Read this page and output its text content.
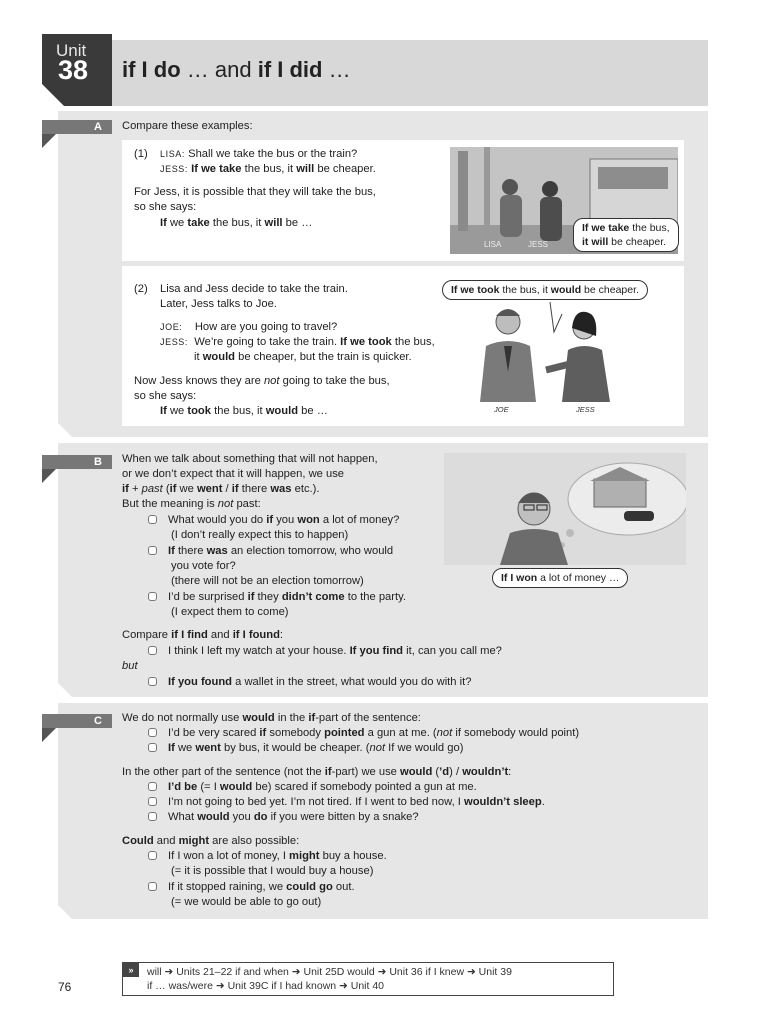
if I do … and if I did …
Unit
38
A
B
C
Compare these examples:
(1) LISA: Shall we take the bus or the train?
JESS: If we take the bus, it will be cheaper.
For Jess, it is possible that they will take the bus,
so she says:
If we take the bus, it will be …
LISA	JESS
If we take the bus,
it will be cheaper.
(2) Lisa and Jess decide to take the train.
Later, Jess talks to Joe.
JOE: How are you going to travel?
JESS: We’re going to take the train. If we took the bus,
it would be cheaper, but the train is quicker.
Now Jess knows they are not going to take the bus,
so she says:
If we took the bus, it would be …
If we took the bus, it would be cheaper.
JOE	JESS
When we talk about something that will not happen,
or we don’t expect that it will happen, we use
if + past (if we went / if there was etc.).
But the meaning is not past:
What would you do if you won a lot of money?
(I don’t really expect this to happen)
If there was an election tomorrow, who would
you vote for?
(there will not be an election tomorrow)
I’d be surprised if they didn’t come to the party.
(I expect them to come)
Compare if I find and if I found:
I think I left my watch at your house. If you find it, can you call me?
but
If you found a wallet in the street, what would you do with it?
If I won a lot of money …
We do not normally use would in the if-part of the sentence:
I’d be very scared if somebody pointed a gun at me. (not if somebody would point)
If we went by bus, it would be cheaper. (not If we would go)
In the other part of the sentence (not the if-part) we use would (’d) / wouldn’t:
I’d be (= I would be) scared if somebody pointed a gun at me.
I’m not going to bed yet. I’m not tired. If I went to bed now, I wouldn’t sleep.
What would you do if you were bitten by a snake?
Could and might are also possible:
If I won a lot of money, I might buy a house.
(= it is possible that I would buy a house)
If it stopped raining, we could go out.
(= we would be able to go out)
»	will ➜ Units 21–22 if and when ➜ Unit 25D would ➜ Unit 36 if I knew ➜ Unit 39
if … was/were ➜ Unit 39C if I had known ➜ Unit 40
76
